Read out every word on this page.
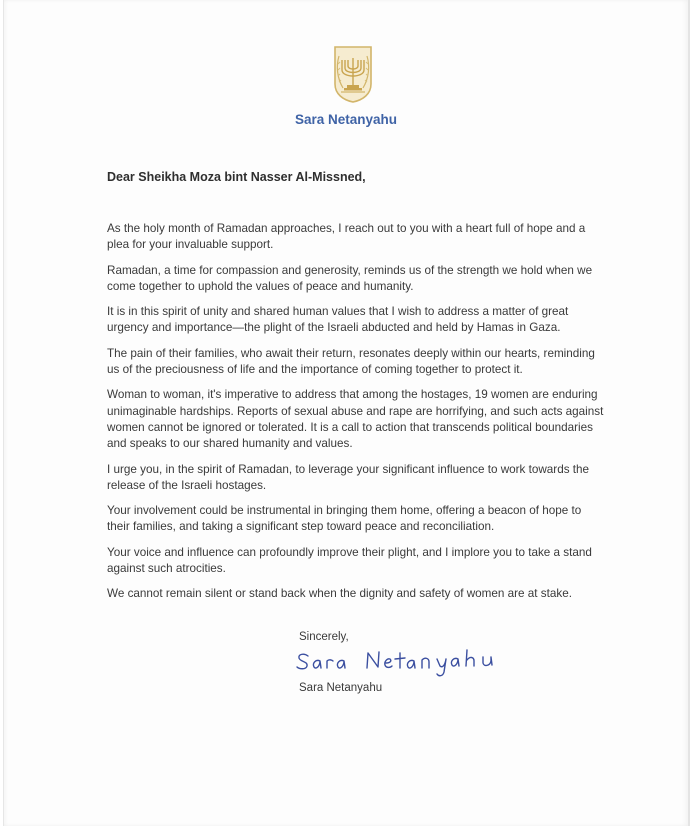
Sara Netanyahu
Dear Sheikha Moza bint Nasser Al-Missned,

As the holy month of Ramadan approaches, I reach out to you with a heart full of hope and a plea for your invaluable support.

Ramadan, a time for compassion and generosity, reminds us of the strength we hold when we come together to uphold the values of peace and humanity.

It is in this spirit of unity and shared human values that I wish to address a matter of great urgency and importance—the plight of the Israeli abducted and held by Hamas in Gaza.

The pain of their families, who await their return, resonates deeply within our hearts, reminding us of the preciousness of life and the importance of coming together to protect it.

Woman to woman, it's imperative to address that among the hostages, 19 women are enduring unimaginable hardships. Reports of sexual abuse and rape are horrifying, and such acts against women cannot be ignored or tolerated. It is a call to action that transcends political boundaries and speaks to our shared humanity and values.

I urge you, in the spirit of Ramadan, to leverage your significant influence to work towards the release of the Israeli hostages.

Your involvement could be instrumental in bringing them home, offering a beacon of hope to their families, and taking a significant step toward peace and reconciliation.

Your voice and influence can profoundly improve their plight, and I implore you to take a stand against such atrocities.

We cannot remain silent or stand back when the dignity and safety of women are at stake.

Sincerely,
Sara Netanyahu
